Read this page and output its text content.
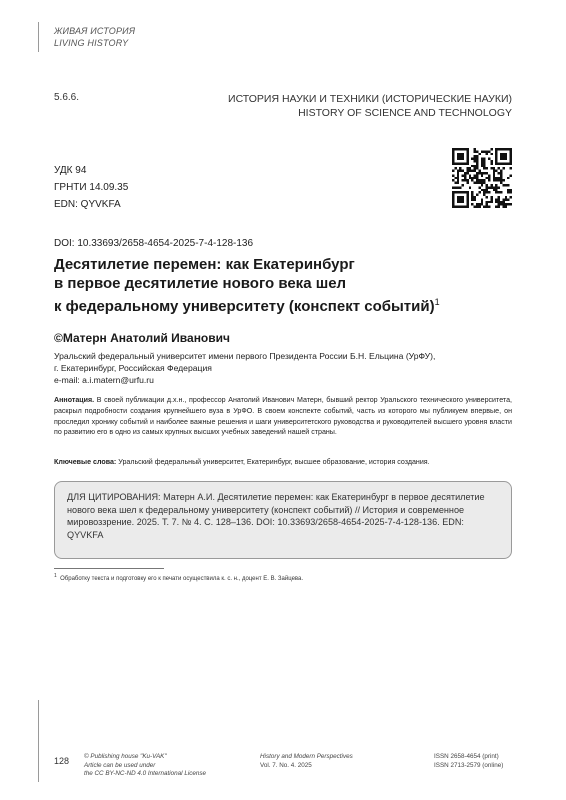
ЖИВАЯ ИСТОРИЯ
LIVING HISTORY
5.6.6.	ИСТОРИЯ НАУКИ И ТЕХНИКИ (ИСТОРИЧЕСКИЕ НАУКИ)
HISTORY OF SCIENCE AND TECHNOLOGY
УДК 94
ГРНТИ 14.09.35
EDN: QYVKFA
DOI: 10.33693/2658-4654-2025-7-4-128-136
Десятилетие перемен: как Екатеринбург
в первое десятилетие нового века шел
к федеральному университету (конспект событий)$^1$
©Матерн Анатолий Иванович
Уральский федеральный университет имени первого Президента России Б.Н. Ельцина (УрФУ),
г. Екатеринбург, Российская Федерация
e-mail: a.i.matern@urfu.ru
Аннотация. В своей публикации д.х.н., профессор Анатолий Иванович Матерн, бывший ректор Уральского технического университета, раскрыл подробности создания крупнейшего вуза в УрФО. В своем конспекте событий, часть из которого мы публикуем впервые, он проследил хронику событий и наиболее важные решения и шаги университетского руководства и руководителей высшего уровня власти по развитию его в одно из самых крупных высших учебных заведений нашей страны.
Ключевые слова: Уральский федеральный университет, Екатеринбург, высшее образование, история создания.
ДЛЯ ЦИТИРОВАНИЯ: Матерн А.И. Десятилетие перемен: как Екатеринбург в первое десятилетие нового века шел к федеральному университету (конспект событий) // История и современное мировоззрение. 2025. Т. 7. № 4. С. 128–136. DOI: 10.33693/2658-4654-2025-7-4-128-136. EDN: QYVKFA
$^1$ Обработку текста и подготовку его к печати осуществила к. с. н., доцент Е. В. Зайцева.
128 © Publishing house "Ku-VAK"
Article can be used under
the CC BY-NC-ND 4.0 International License
History and Modern Perspectives
Vol. 7. No. 4. 2025
ISSN 2658-4654 (print)
ISSN 2713-2579 (online)
